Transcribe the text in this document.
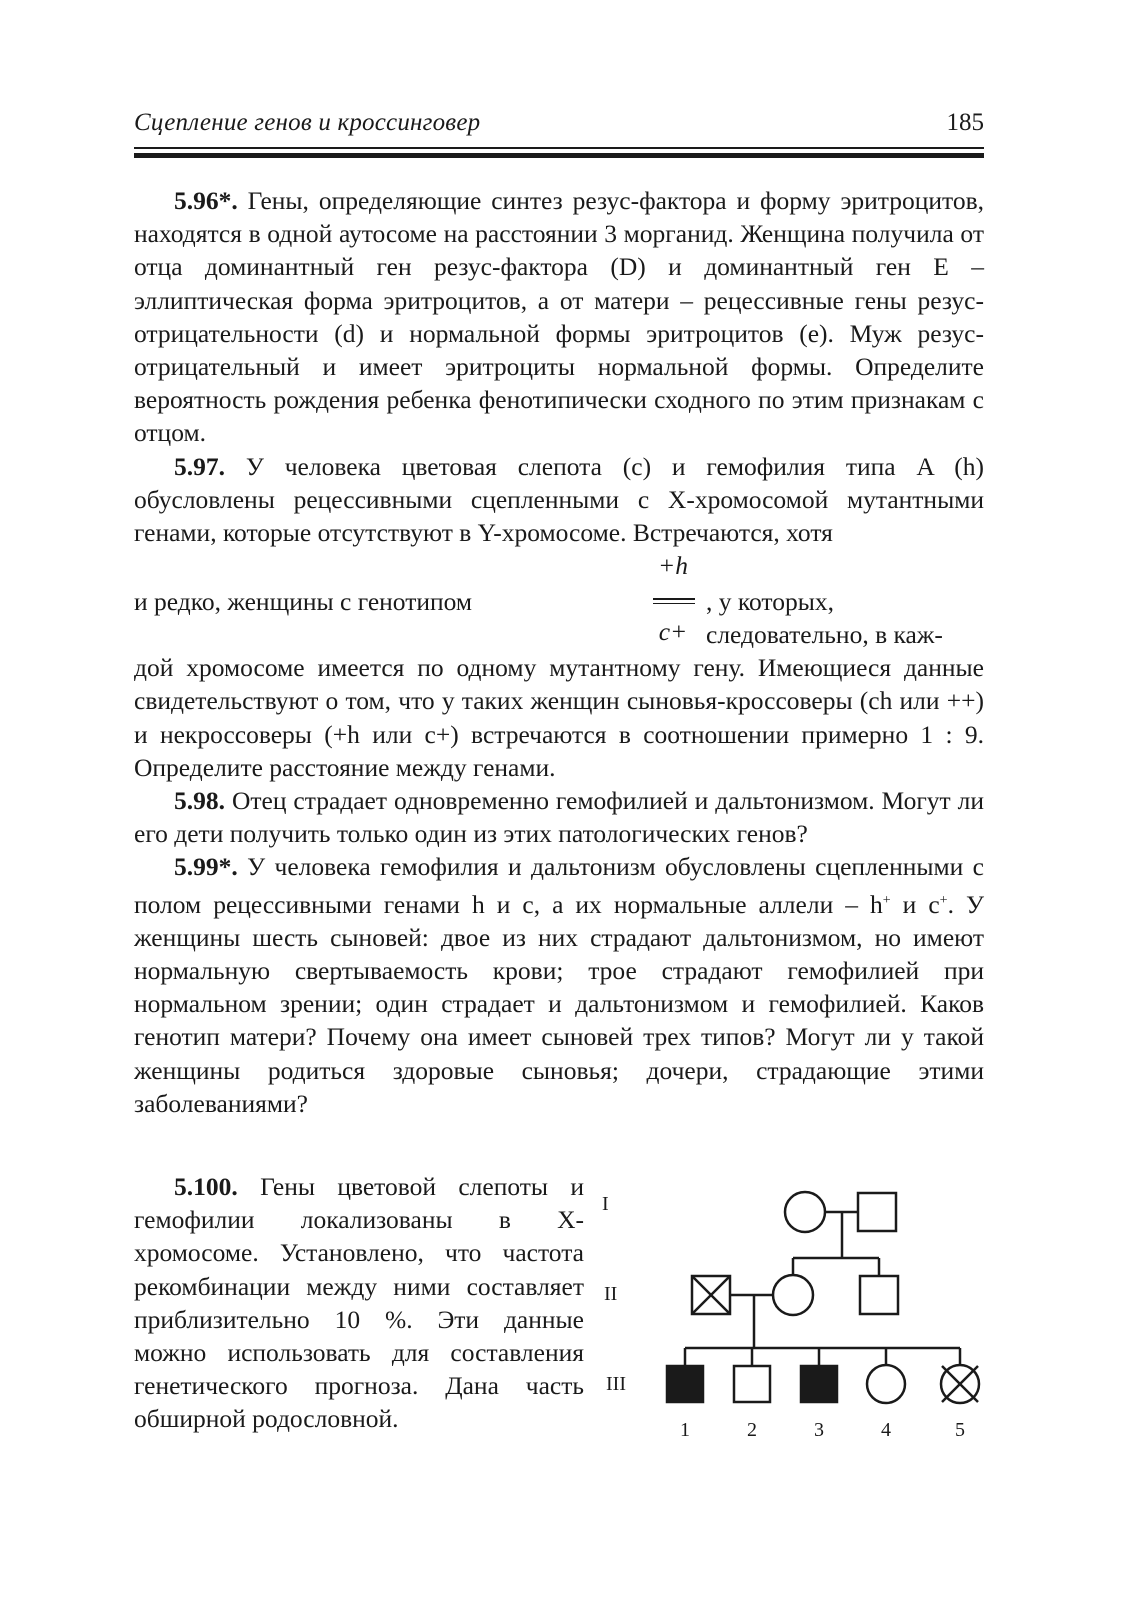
Сцепление генов и кроссинговер	185

5.96*. Гены, определяющие синтез резус-фактора и форму эритроцитов, находятся в одной аутосоме на расстоянии 3 морганид. Женщина получила от отца доминантный ген резус-фактора (D) и доминантный ген E – эллиптическая форма эритроцитов, а от матери – рецессивные гены резус-отрицательности (d) и нормальной формы эритроцитов (e). Муж резус-отрицательный и имеет эритроциты нормальной формы. Определите вероятность рождения ребенка фенотипически сходного по этим признакам с отцом.

5.97. У человека цветовая слепота (c) и гемофилия типа A (h) обусловлены рецессивными сцепленными с X-хромосомой мутантными генами, которые отсутствуют в Y-хромосоме. Встречаются, хотя

и редко, женщины с генотипом
+h
c+
, у которых, следовательно, в каж-

дой хромосоме имеется по одному мутантному гену. Имеющиеся данные свидетельствуют о том, что у таких женщин сыновья-кроссоверы (ch или ++) и некроссоверы (+h или c+) встречаются в соотношении примерно 1 : 9. Определите расстояние между генами.

5.98. Отец страдает одновременно гемофилией и дальтонизмом. Могут ли его дети получить только один из этих патологических генов?

5.99*. У человека гемофилия и дальтонизм обусловлены сцепленными с полом рецессивными генами h и c, а их нормальные аллели – h+ и c+. У женщины шесть сыновей: двое из них страдают дальтонизмом, но имеют нормальную свертываемость крови; трое страдают гемофилией при нормальном зрении; один страдает и дальтонизмом и гемофилией. Каков генотип матери? Почему она имеет сыновей трех типов? Могут ли у такой женщины родиться здоровые сыновья; дочери, страдающие этими заболеваниями?

5.100. Гены цветовой слепоты и гемофилии локализованы в X- хромосоме. Установлено, что частота рекомбинации между ними составляет приблизительно 10 %. Эти данные можно использовать для составления генетического прогноза. Дана часть обширной родословной.

I
II
III
1	2	3	4	5
